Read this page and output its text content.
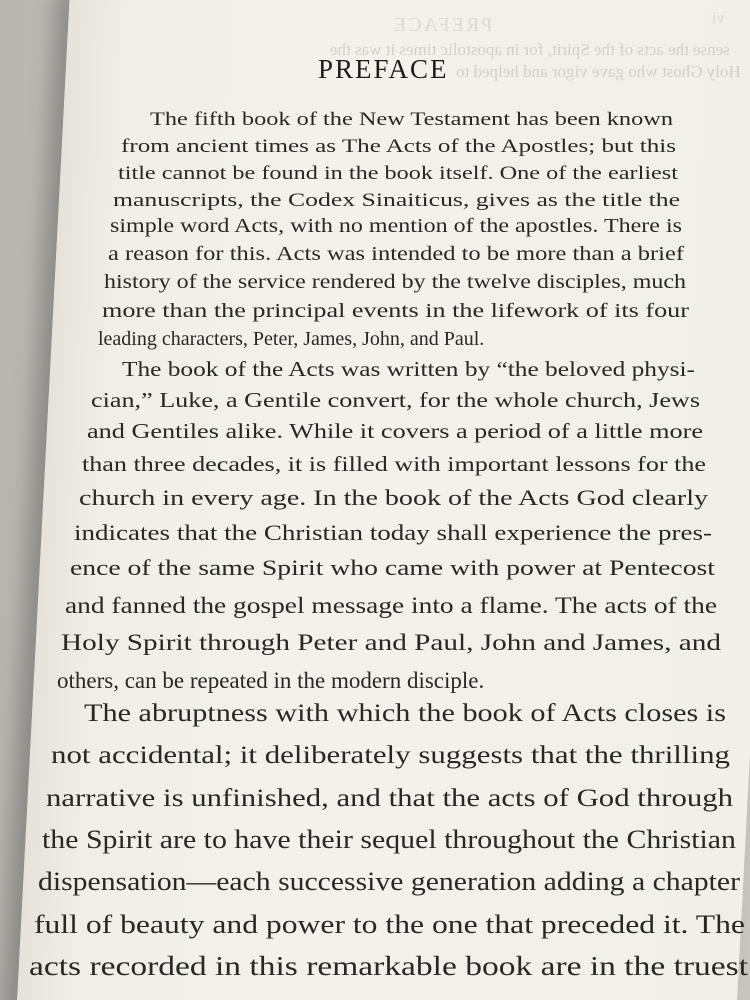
PREFACE
The fifth book of the New Testament has been known
from ancient times as The Acts of the Apostles; but this
title cannot be found in the book itself. One of the earliest
manuscripts, the Codex Sinaiticus, gives as the title the
simple word Acts, with no mention of the apostles. There is
a reason for this. Acts was intended to be more than a brief
history of the service rendered by the twelve disciples, much
more than the principal events in the lifework of its four
leading characters, Peter, James, John, and Paul.
The book of the Acts was written by “the beloved physi-
cian,” Luke, a Gentile convert, for the whole church, Jews
and Gentiles alike. While it covers a period of a little more
than three decades, it is filled with important lessons for the
church in every age. In the book of the Acts God clearly
indicates that the Christian today shall experience the pres-
ence of the same Spirit who came with power at Pentecost
and fanned the gospel message into a flame. The acts of the
Holy Spirit through Peter and Paul, John and James, and
others, can be repeated in the modern disciple.
The abruptness with which the book of Acts closes is
not accidental; it deliberately suggests that the thrilling
narrative is unfinished, and that the acts of God through
the Spirit are to have their sequel throughout the Christian
dispensation—each successive generation adding a chapter
full of beauty and power to the one that preceded it. The
acts recorded in this remarkable book are in the truest
